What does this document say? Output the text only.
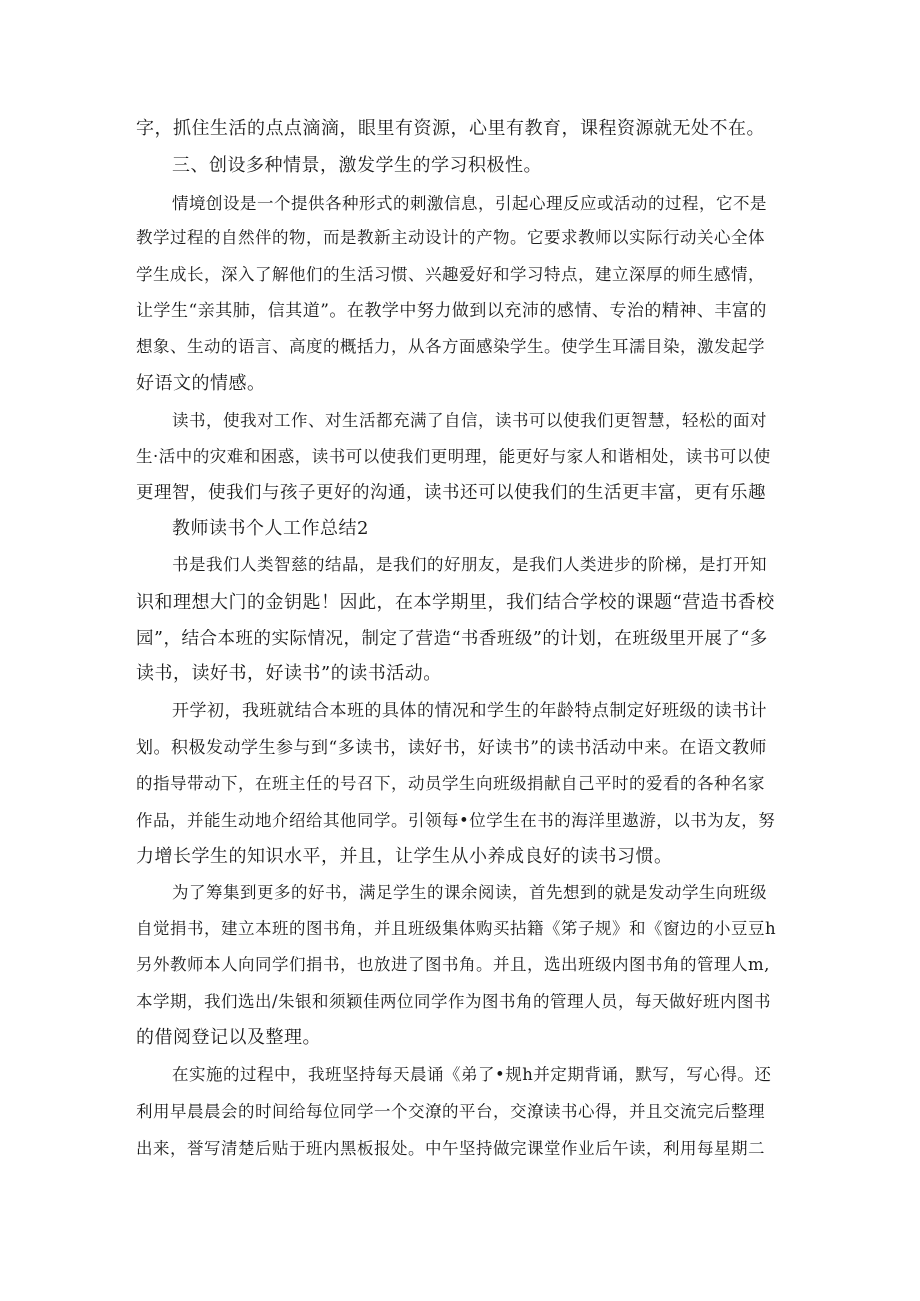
字，抓住生活的点点滴滴，眼里有资源，心里有教育，课程资源就无处不在。
三、创设多种情景，激发学生的学习积极性。
情境创设是一个提供各种形式的刺激信息，引起心理反应或活动的过程，它不是
教学过程的自然伴的物，而是教新主动设计的产物。它要求教师以实际行动关心全体
学生成长，深入了解他们的生活习惯、兴趣爱好和学习特点，建立深厚的师生感情，
让学生“亲其肺，信其道”。在教学中努力做到以充沛的感情、专治的精神、丰富的
想象、生动的语言、高度的概括力，从各方面感染学生。使学生耳濡目染，激发起学
好语文的情感。
读书，使我对工作、对生活都充满了自信，读书可以使我们更智慧，轻松的面对
生·活中的灾难和困惑，读书可以使我们更明理，能更好与家人和谐相处，读书可以使
更理智，使我们与孩子更好的沟通，读书还可以使我们的生活更丰富，更有乐趣
教师读书个人工作总结2
书是我们人类智慈的结晶，是我们的好朋友，是我们人类进步的阶梯，是打开知
识和理想大门的金钥匙！因此，在本学期里，我们结合学校的课题“营造书香校
园”，结合本班的实际情况，制定了营造“书香班级”的计划，在班级里开展了“多
读书，读好书，好读书”的读书活动。
开学初，我班就结合本班的具体的情况和学生的年龄特点制定好班级的读书计
划。积极发动学生参与到“多读书，读好书，好读书”的读书活动中来。在语文教师
的指导带动下，在班主任的号召下，动员学生向班级捐献自己平时的爱看的各种名家
作品，并能生动地介绍给其他同学。引领每•位学生在书的海洋里遨游，以书为友，努
力增长学生的知识水平，并且，让学生从小养成良好的读书习惯。
为了筹集到更多的好书，满足学生的课余阅读，首先想到的就是发动学生向班级
自觉捐书，建立本班的图书角，并且班级集体购买拈籍《笫子规》和《窗边的小豆豆h
另外教师本人向同学们捐书，也放进了图书角。并且，选出班级内图书角的管理人m,
本学期，我们选出/朱银和须颖佳两位同学作为图书角的管理人员，每天做好班内图书
的借阅登记以及整理。
在实施的过程中，我班坚持每天晨诵《弟了•规h并定期背诵，默写，写心得。还
利用早晨晨会的时间给每位同学一个交潦的平台，交潦读书心得，并且交流完后整理
出来，誉写清楚后贴于班内黑板报处。中午坚持做完课堂作业后午读，利用每星期二
